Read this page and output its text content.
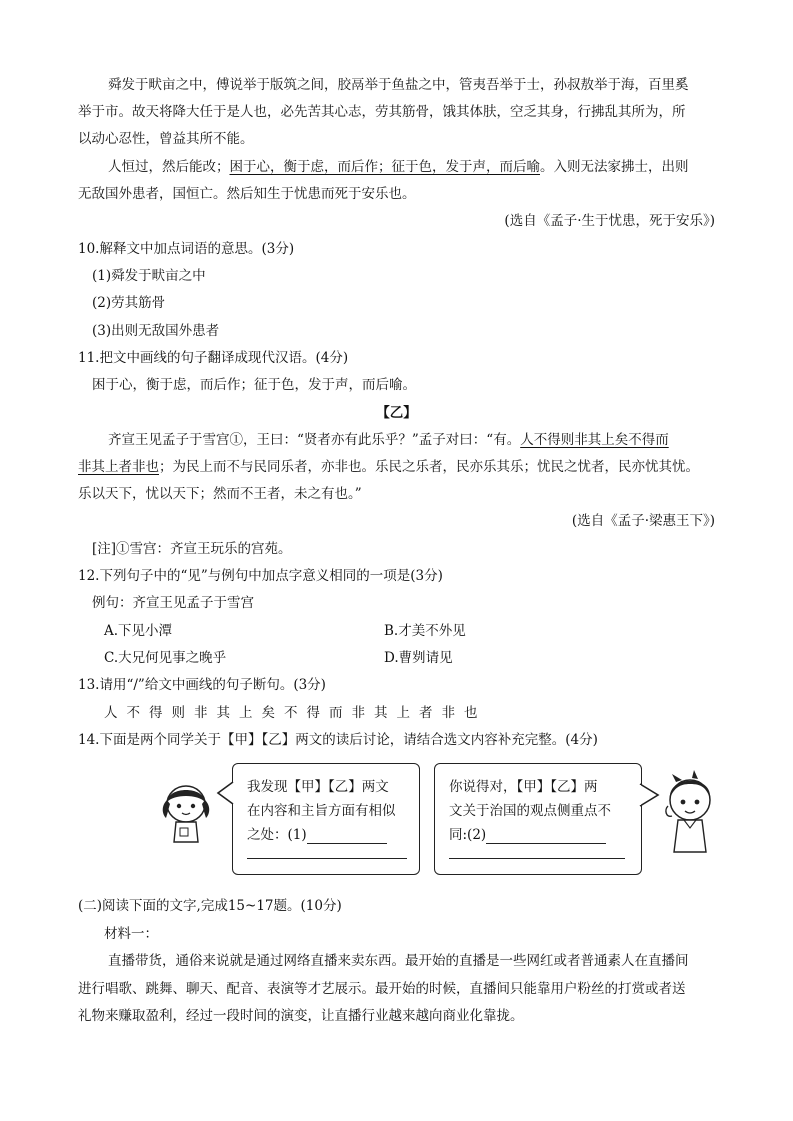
舜发于畎亩之中，傅说举于版筑之间，胶鬲举于鱼盐之中，管夷吾举于士，孙叔敖举于海，百里奚
举于市。故天将降大任于是人也，必先苦其心志，劳其筋骨，饿其体肤，空乏其身，行拂乱其所为，所
以动心忍性，曾益其所不能。
人恒过，然后能改；困于心，衡于虑，而后作；征于色，发于声，而后喻。入则无法家拂士，出则
无敌国外患者，国恒亡。然后知生于忧患而死于安乐也。
(选自《孟子·生于忧患，死于安乐》)
10.解释文中加点词语的意思。(3分)
(1)舜发于畎亩之中
(2)劳其筋骨
(3)出则无敌国外患者
11.把文中画线的句子翻译成现代汉语。(4分)
困于心，衡于虑，而后作；征于色，发于声，而后喻。
【乙】
齐宣王见孟子于雪宫①，王曰：“贤者亦有此乐乎？”孟子对曰：“有。人不得则非其上矣不得而
非其上者非也；为民上而不与民同乐者，亦非也。乐民之乐者，民亦乐其乐；忧民之忧者，民亦忧其忧。
乐以天下，忧以天下；然而不王者，未之有也。”
(选自《孟子·梁惠王下》)
[注]①雪宫：齐宣王玩乐的宫苑。
12.下列句子中的“见”与例句中加点字意义相同的一项是(3分)
例句：齐宣王见孟子于雪宫
A.下见小潭	B.才美不外见
C.大兄何见事之晚乎	D.曹刿请见
13.请用“/”给文中画线的句子断句。(3分)
人不得则非其上矣不得而非其上者非也
14.下面是两个同学关于【甲】【乙】两文的读后讨论，请结合选文内容补充完整。(4分)
我发现【甲】【乙】两文
在内容和主旨方面有相似
之处：(1)
你说得对，【甲】【乙】两
文关于治国的观点侧重点不
同:(2)
(二)阅读下面的文字,完成15~17题。(10分)
材料一：
直播带货，通俗来说就是通过网络直播来卖东西。最开始的直播是一些网红或者普通素人在直播间
进行唱歌、跳舞、聊天、配音、表演等才艺展示。最开始的时候，直播间只能靠用户粉丝的打赏或者送
礼物来赚取盈利，经过一段时间的演变，让直播行业越来越向商业化靠拢。
